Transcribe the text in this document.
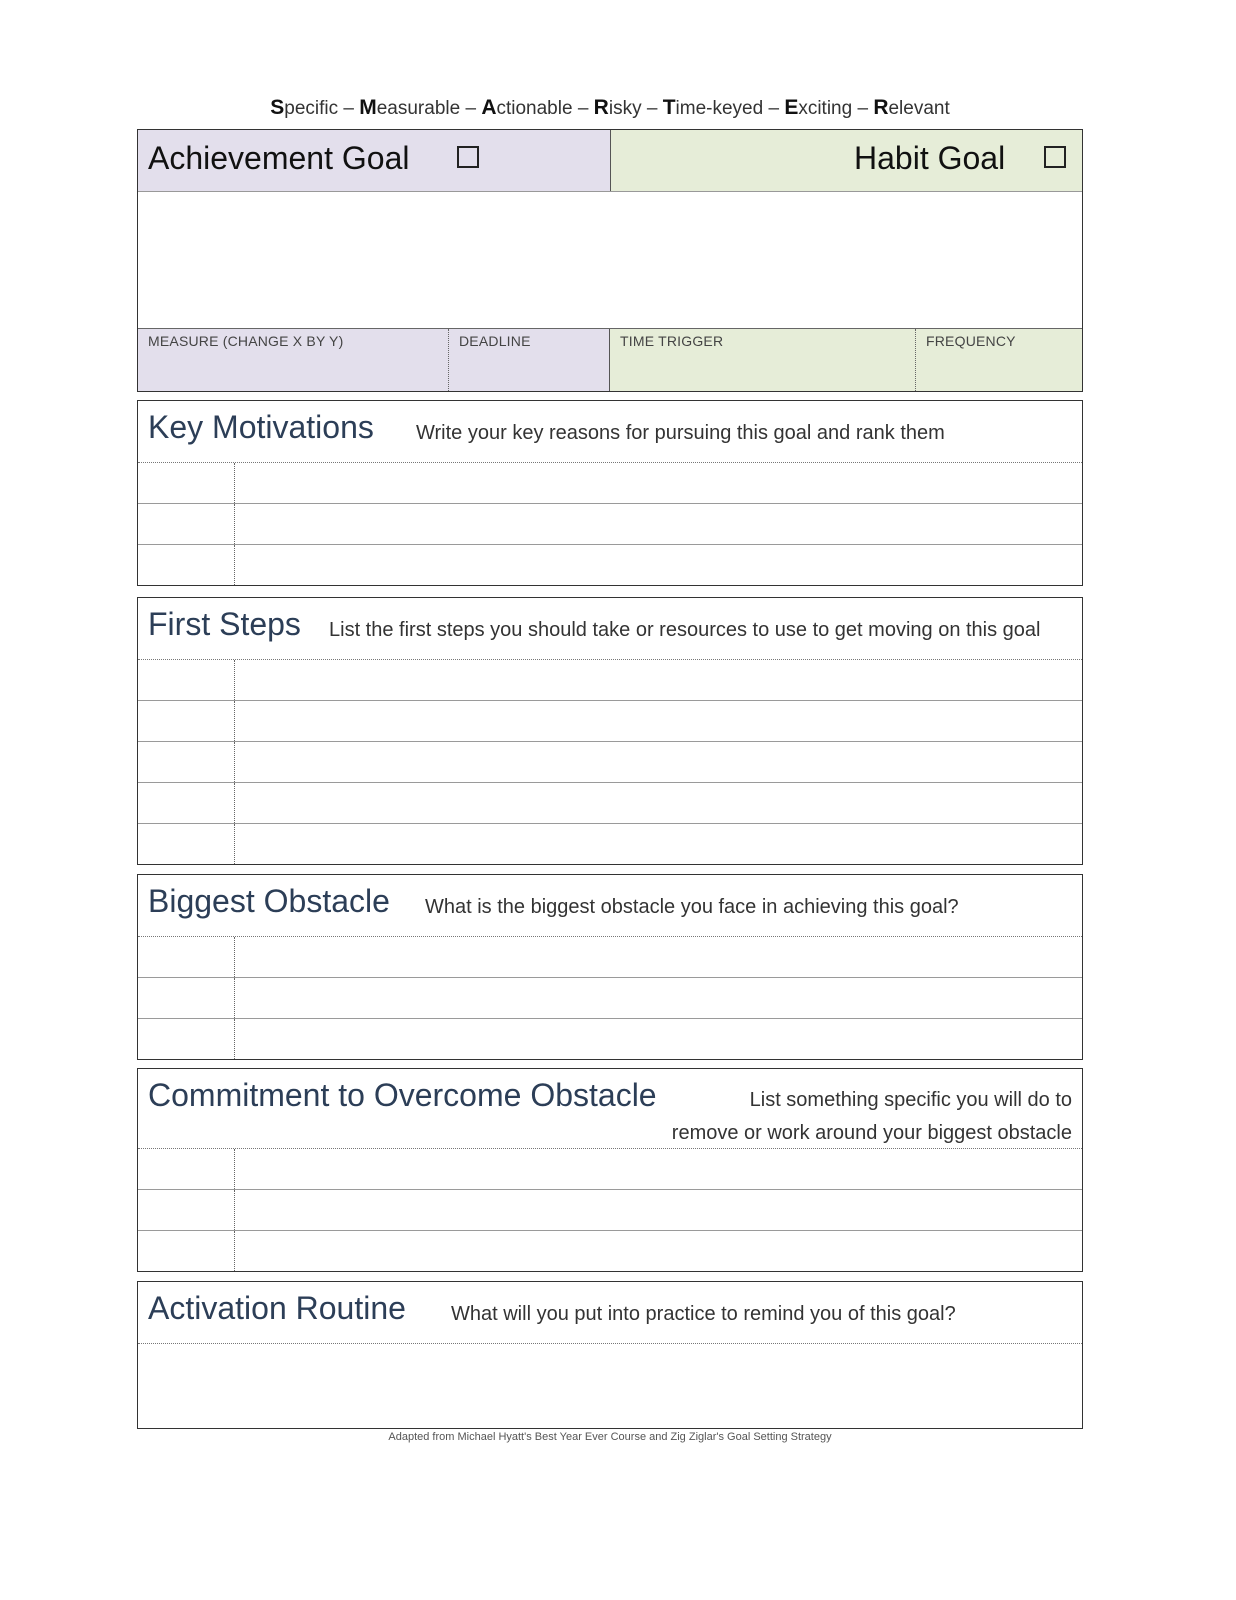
Specific – Measurable – Actionable – Risky – Time-keyed – Exciting – Relevant
Achievement Goal	Habit Goal
MEASURE (CHANGE X BY Y)	DEADLINE	TIME TRIGGER	FREQUENCY
Key Motivations Write your key reasons for pursuing this goal and rank them
First Steps List the first steps you should take or resources to use to get moving on this goal
Biggest Obstacle What is the biggest obstacle you face in achieving this goal?
Commitment to Overcome Obstacle	List something specific you will do to
remove or work around your biggest obstacle
Activation Routine What will you put into practice to remind you of this goal?
Adapted from Michael Hyatt's Best Year Ever Course and Zig Ziglar's Goal Setting Strategy
